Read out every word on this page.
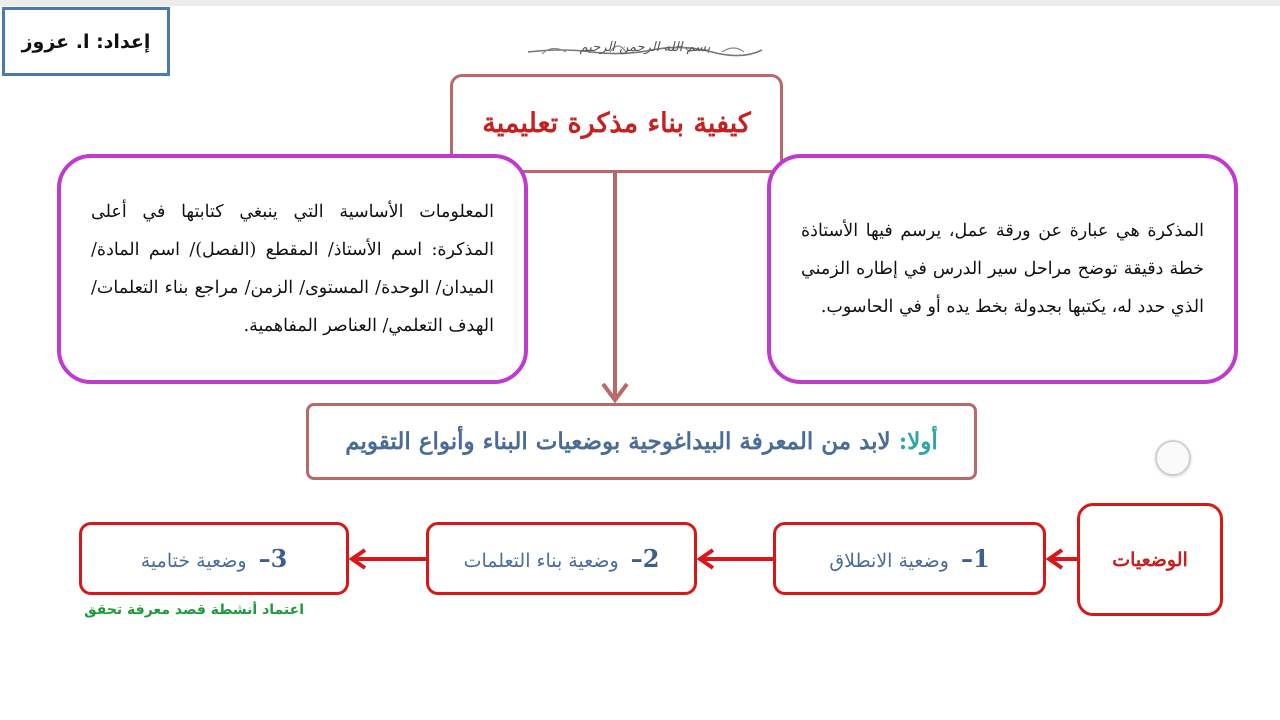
إعداد: ا. عزوز	بسم الله الرحمن الرحيم
كيفية بناء مذكرة تعليمية
المعلومات الأساسية التي ينبغي كتابتها في أعلى المذكرة: اسم الأستاذ/ المقطع (الفصل)/ اسم المادة/ الميدان/ الوحدة/ المستوى/ الزمن/ مراجع بناء التعلمات/ الهدف التعلمي/ العناصر المفاهمية.
المذكرة هي عبارة عن ورقة عمل، يرسم فيها الأستاذة خطة دقيقة توضح مراحل سير الدرس في إطاره الزمني الذي حدد له، يكتبها بجدولة بخط يده أو في الحاسوب.
أولا: لابد من المعرفة البيداغوجية بوضعيات البناء وأنواع التقويم
الوضعيات
1– وضعية الانطلاق
2– وضعية بناء التعلمات
3– وضعية ختامية
اعتماد أنشطة قصد معرفة تحقق
